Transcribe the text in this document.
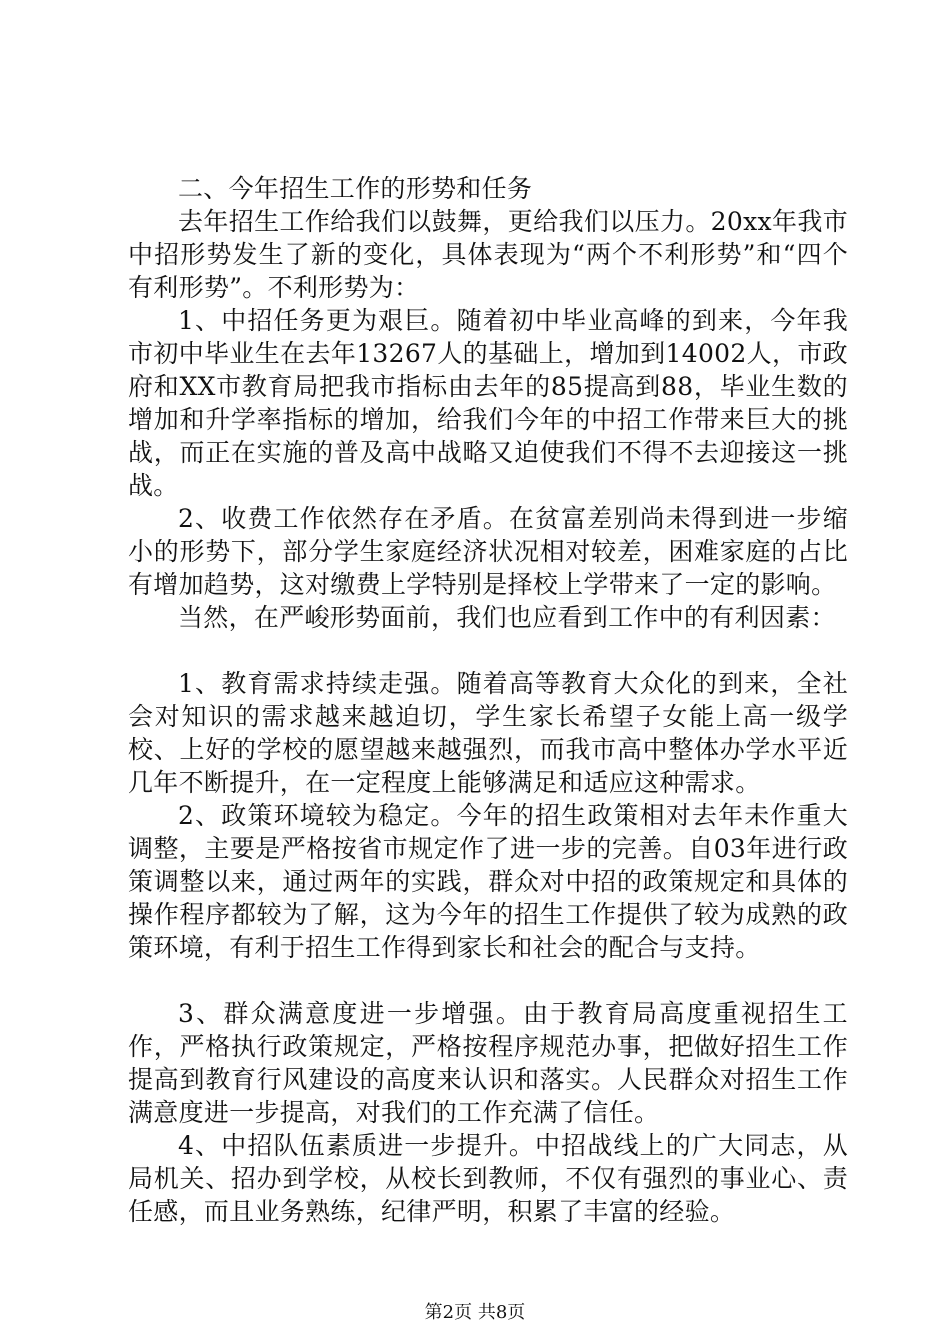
二、今年招生工作的形势和任务

去年招生工作给我们以鼓舞，更给我们以压力。20xx年我市中招形势发生了新的变化，具体表现为“两个不利形势”和“四个有利形势”。不利形势为：

1、中招任务更为艰巨。随着初中毕业高峰的到来，今年我市初中毕业生在去年13267人的基础上，增加到14002人，市政府和XX市教育局把我市指标由去年的85提高到88，毕业生数的增加和升学率指标的增加，给我们今年的中招工作带来巨大的挑战，而正在实施的普及高中战略又迫使我们不得不去迎接这一挑战。

2、收费工作依然存在矛盾。在贫富差别尚未得到进一步缩小的形势下，部分学生家庭经济状况相对较差，困难家庭的占比有增加趋势，这对缴费上学特别是择校上学带来了一定的影响。

当然，在严峻形势面前，我们也应看到工作中的有利因素：

1、教育需求持续走强。随着高等教育大众化的到来，全社会对知识的需求越来越迫切，学生家长希望子女能上高一级学校、上好的学校的愿望越来越强烈，而我市高中整体办学水平近几年不断提升，在一定程度上能够满足和适应这种需求。

2、政策环境较为稳定。今年的招生政策相对去年未作重大调整，主要是严格按省市规定作了进一步的完善。自03年进行政策调整以来，通过两年的实践，群众对中招的政策规定和具体的操作程序都较为了解，这为今年的招生工作提供了较为成熟的政策环境，有利于招生工作得到家长和社会的配合与支持。

3、群众满意度进一步增强。由于教育局高度重视招生工作，严格执行政策规定，严格按程序规范办事，把做好招生工作提高到教育行风建设的高度来认识和落实。人民群众对招生工作满意度进一步提高，对我们的工作充满了信任。

4、中招队伍素质进一步提升。中招战线上的广大同志，从局机关、招办到学校，从校长到教师，不仅有强烈的事业心、责任感，而且业务熟练，纪律严明，积累了丰富的经验。

第2页 共8页
